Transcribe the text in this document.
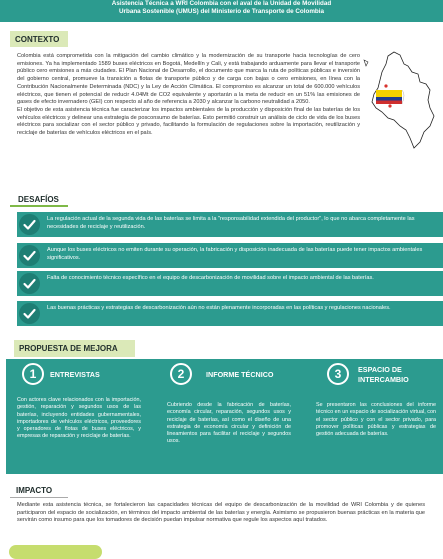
Asistencia Técnica a WRI Colombia con el aval de la Unidad de Movilidad
Urbana Sostenible (UMUS) del Ministerio de Transporte de Colombia
CONTEXTO

Colombia está comprometida con la mitigación del cambio climático y la modernización de su transporte hacia tecnologías de cero emisiones. Ya ha implementado 1589 buses eléctricos en Bogotá, Medellín y Cali, y está trabajando arduamente para llevar el transporte público cero emisiones a más ciudades. El Plan Nacional de Desarrollo, el documento que marca la ruta de políticas públicas e inversión del gobierno central, promueve la transición a flotas de transporte público y de carga con bajas o cero emisiones, en línea con la Contribución Nacionalmente Determinada (NDC) y la Ley de Acción Climática. El compromiso es alcanzar un total de 600.000 vehículos eléctricos, que tienen el potencial de reducir 4.04Mt de CO2 equivalente y aportarán a la meta de reducir en un 51% las emisiones de gases de efecto invernadero (GEI) con respecto al año de referencia a 2030 y alcanzar la carbono neutralidad a 2050.

El objetivo de esta asistencia técnica fue caracterizar los impactos ambientales de la producción y disposición final de las baterías de los vehículos eléctricos y delinear una estrategia de posconsumo de baterías. Esto permitió construir un análisis de ciclo de vida de los buses eléctricos para socializar con el sector público y privado, facilitando la formulación de regulaciones sobre la importación, reutilización y reciclaje de baterías de vehículos eléctricos en el país.

DESAFÍOS
La regulación actual de la segunda vida de las baterías se limita a la "responsabilidad extendida del productor", lo que no abarca completamente las necesidades de reciclaje y reutilización.
Aunque los buses eléctricos no emiten durante su operación, la fabricación y disposición inadecuada de las baterías puede tener impactos ambientales significativos.
Falta de conocimiento técnico específico en el equipo de descarbonización de movilidad sobre el impacto ambiental de las baterías.
Las buenas prácticas y estrategias de descarbonización aún no están plenamente incorporadas en las políticas y regulaciones nacionales.
PROPUESTA DE MEJORA
1	ENTREVISTAS
Con actores clave relacionados con la importación, gestión, reparación y segundos usos de las baterías, incluyendo entidades gubernamentales, importadores de vehículos eléctricos, proveedores y operadores de flotas de buses eléctricos, y empresas de reparación y reciclaje de baterías.
2	INFORME TÉCNICO
Cubriendo desde la fabricación de baterías, economía circular, reparación, segundos usos y reciclaje de baterías, así como el diseño de una estrategia de economía circular y definición de lineamientos para facilitar el reciclaje y segundos usos.
3	ESPACIO DE
INTERCAMBIO
Se presentaron las conclusiones del informe técnico en un espacio de socialización virtual, con el sector público y con el sector privado, para promover políticas públicas y estrategias de gestión adecuada de baterías.
IMPACTO
Mediante esta asistencia técnica, se fortalecieron las capacidades técnicas del equipo de descarbonización de la movilidad de WRI Colombia y de quienes participaron del espacio de socialización, en términos del impacto ambiental de las baterías y energía. Asimismo se propusieron buenas prácticas en la materia que servirán como insumo para que los tomadores de decisión puedan impulsar normativa que regule los aspectos aquí tratados.
